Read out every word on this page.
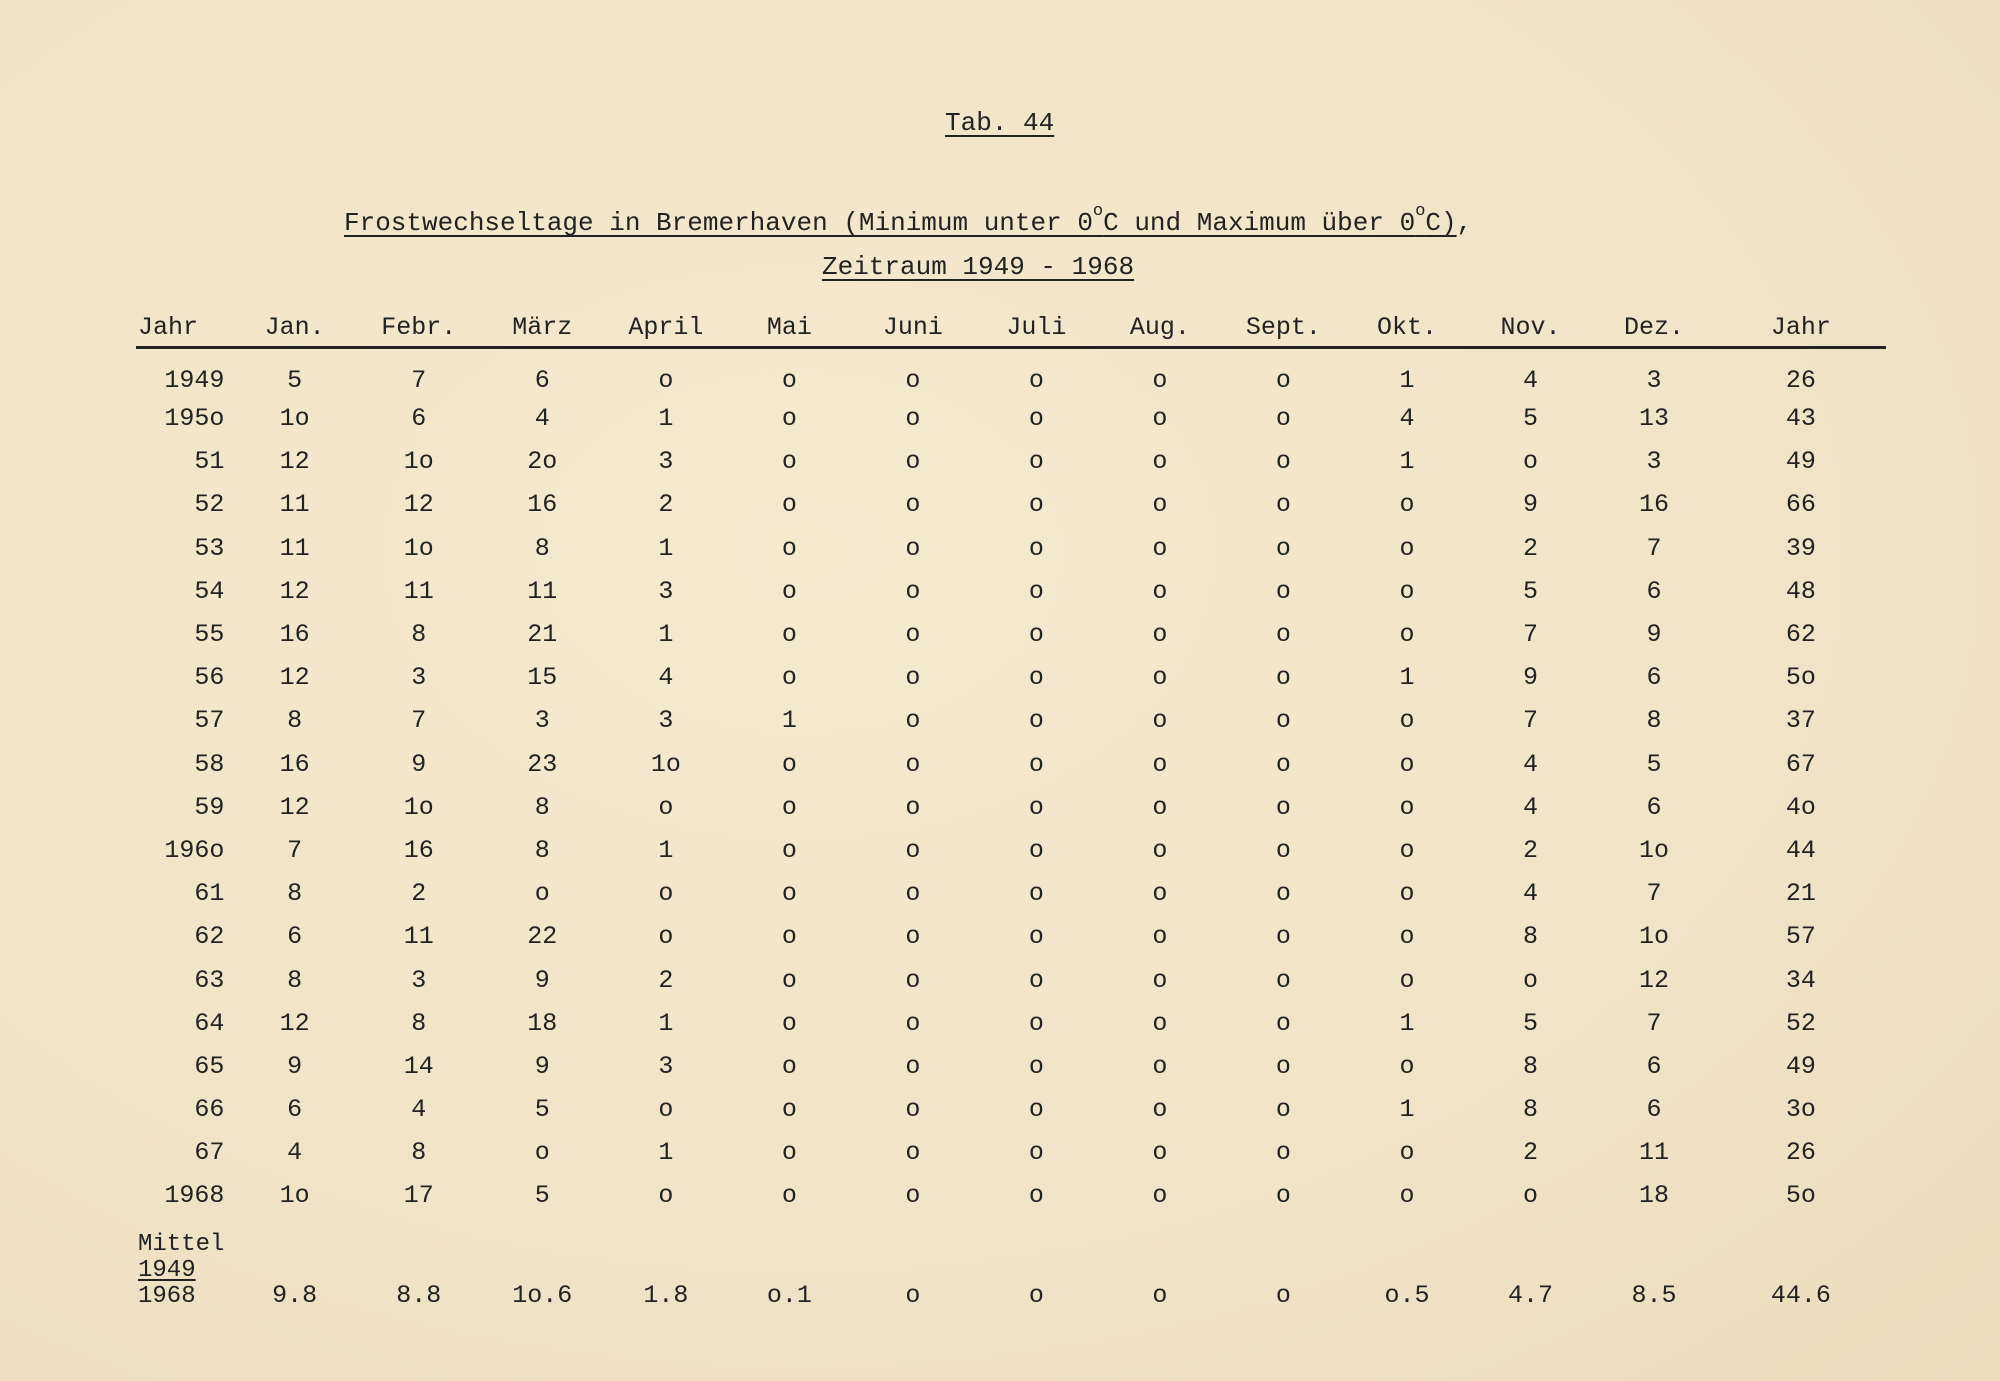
Tab. 44
Frostwechseltage in Bremerhaven (Minimum unter 0$^o$C und Maximum über 0$^o$C),
Zeitraum 1949 - 1968
Jahr	Jan.	Febr.	März	April	Mai	Juni	Juli	Aug.	Sept.	Okt.	Nov.	Dez.	Jahr
1949	5	7	6	o	o	o	o	o	o	1	4	3	26
195o	1o	6	4	1	o	o	o	o	o	4	5	13	43
51	12	1o	2o	3	o	o	o	o	o	1	o	3	49
52	11	12	16	2	o	o	o	o	o	o	9	16	66
53	11	1o	8	1	o	o	o	o	o	o	2	7	39
54	12	11	11	3	o	o	o	o	o	o	5	6	48
55	16	8	21	1	o	o	o	o	o	o	7	9	62
56	12	3	15	4	o	o	o	o	o	1	9	6	5o
57	8	7	3	3	1	o	o	o	o	o	7	8	37
58	16	9	23	1o	o	o	o	o	o	o	4	5	67
59	12	1o	8	o	o	o	o	o	o	o	4	6	4o
196o	7	16	8	1	o	o	o	o	o	o	2	1o	44
61	8	2	o	o	o	o	o	o	o	o	4	7	21
62	6	11	22	o	o	o	o	o	o	o	8	1o	57
63	8	3	9	2	o	o	o	o	o	o	o	12	34
64	12	8	18	1	o	o	o	o	o	1	5	7	52
65	9	14	9	3	o	o	o	o	o	o	8	6	49
66	6	4	5	o	o	o	o	o	o	1	8	6	3o
67	4	8	o	1	o	o	o	o	o	o	2	11	26
1968	1o	17	5	o	o	o	o	o	o	o	o	18	5o

Mittel
1949
1968	9.8	8.8	1o.6	1.8	o.1	o	o	o	o	o.5	4.7	8.5	44.6
